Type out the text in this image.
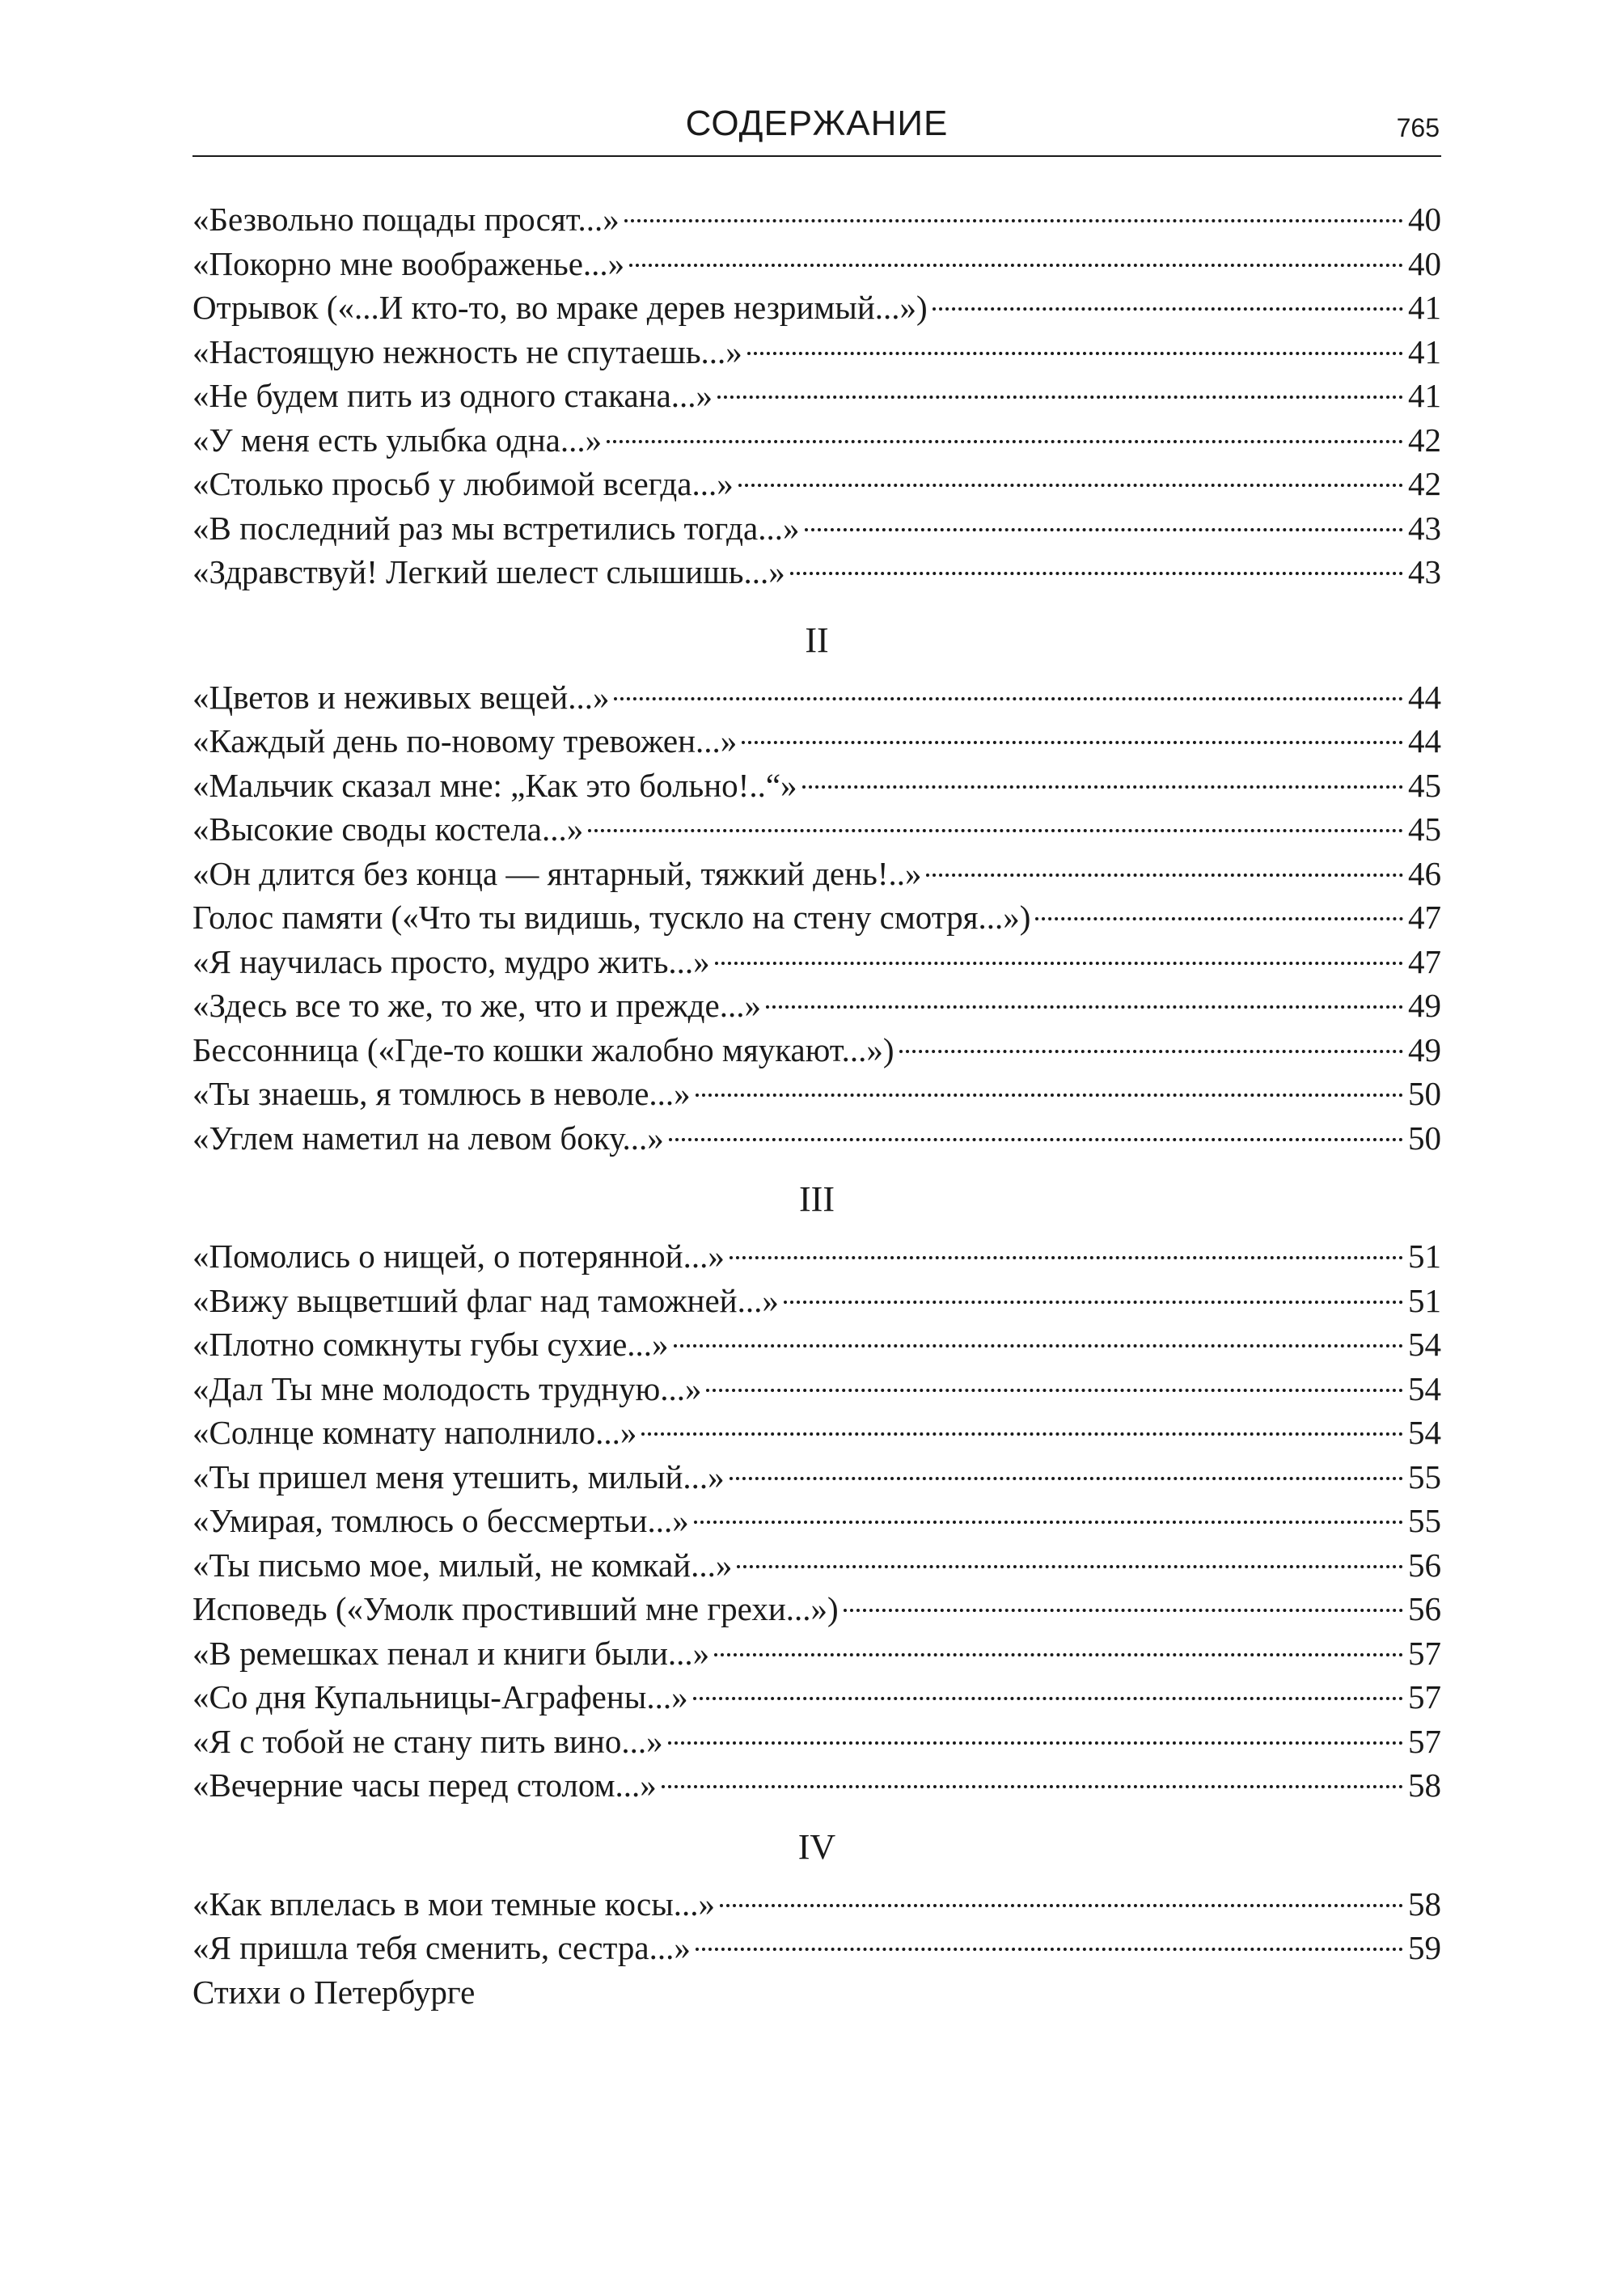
СОДЕРЖАНИЕ	765
«Безвольно пощады просят...»	40
«Покорно мне воображенье...»	40
Отрывок («...И кто-то, во мраке дерев незримый...»)	41
«Настоящую нежность не спутаешь...»	41
«Не будем пить из одного стакана...»	41
«У меня есть улыбка одна...»	42
«Столько просьб у любимой всегда...»	42
«В последний раз мы встретились тогда...»	43
«Здравствуй! Легкий шелест слышишь...»	43
II
«Цветов и неживых вещей...»	44
«Каждый день по-новому тревожен...»	44
«Мальчик сказал мне: „Как это больно!..“»	45
«Высокие своды костела...»	45
«Он длится без конца — янтарный, тяжкий день!..»	46
Голос памяти («Что ты видишь, тускло на стену смотря...»)	47
«Я научилась просто, мудро жить...»	47
«Здесь все то же, то же, что и прежде...»	49
Бессонница («Где-то кошки жалобно мяукают...»)	49
«Ты знаешь, я томлюсь в неволе...»	50
«Углем наметил на левом боку...»	50
III
«Помолись о нищей, о потерянной...»	51
«Вижу выцветший флаг над таможней...»	51
«Плотно сомкнуты губы сухие...»	54
«Дал Ты мне молодость трудную...»	54
«Солнце комнату наполнило...»	54
«Ты пришел меня утешить, милый...»	55
«Умирая, томлюсь о бессмертьи...»	55
«Ты письмо мое, милый, не комкай...»	56
Исповедь («Умолк простивший мне грехи...»)	56
«В ремешках пенал и книги были...»	57
«Со дня Купальницы-Аграфены...»	57
«Я с тобой не стану пить вино...»	57
«Вечерние часы перед столом...»	58
IV
«Как вплелась в мои темные косы...»	58
«Я пришла тебя сменить, сестра...»	59
Стихи о Петербурге
